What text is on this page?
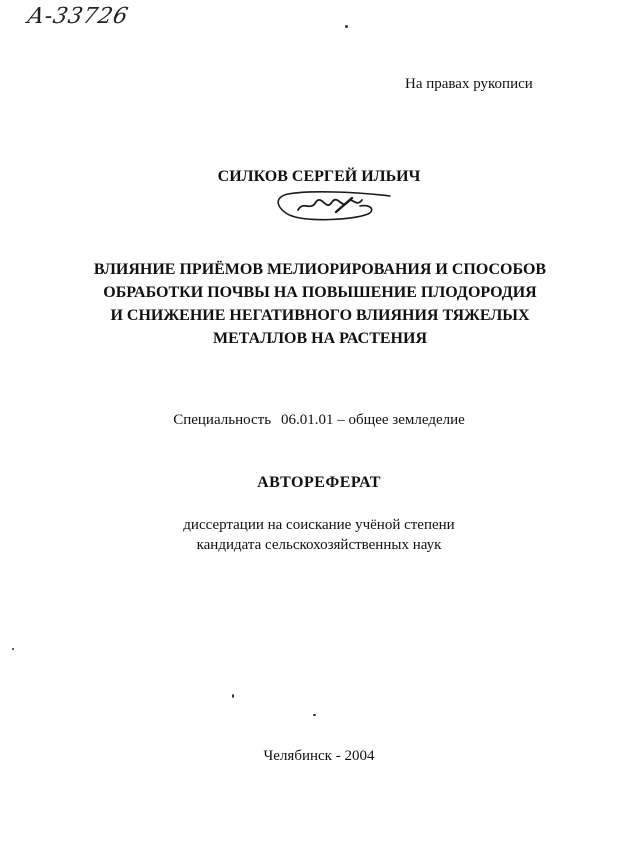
A-33726
На правах рукописи
СИЛКОВ СЕРГЕЙ ИЛЬИЧ
ВЛИЯНИЕ ПРИЁМОВ МЕЛИОРИРОВАНИЯ И СПОСОБОВ
ОБРАБОТКИ ПОЧВЫ НА ПОВЫШЕНИЕ ПЛОДОРОДИЯ
И СНИЖЕНИЕ НЕГАТИВНОГО ВЛИЯНИЯ ТЯЖЕЛЫХ
МЕТАЛЛОВ НА РАСТЕНИЯ
Специальность 06.01.01 – общее земледелие
АВТОРЕФЕРАТ
диссертации на соискание учёной степени
кандидата сельскохозяйственных наук
Челябинск - 2004
